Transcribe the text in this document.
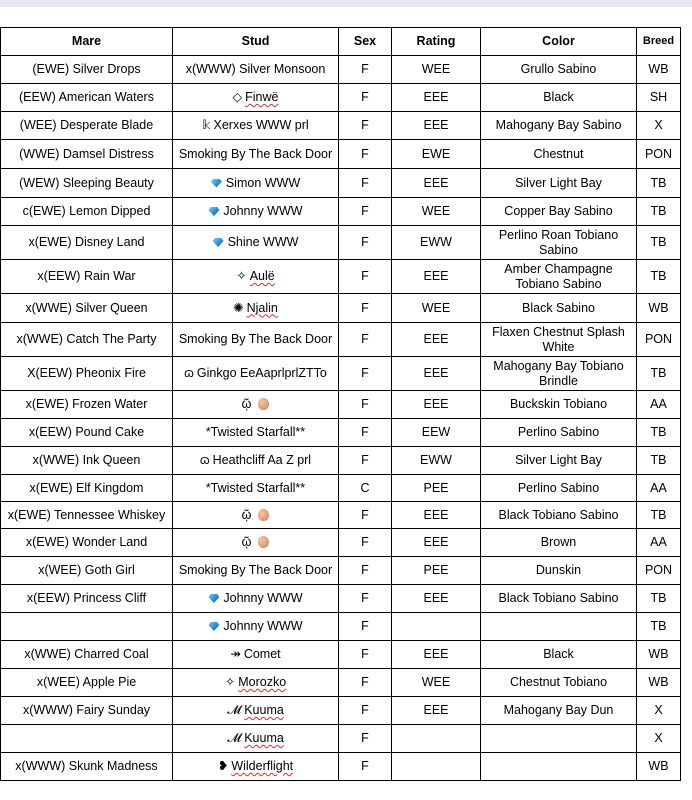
Mare	Stud	Sex	Rating	Color	Breed
(EWE) Silver Drops	x(WWW) Silver Monsoon	F	WEE	Grullo Sabino	WB
(EEW) American Waters	◇ Finwë	F	EEE	Black	SH
(WEE) Desperate Blade	𝕜 Xerxes WWW prl	F	EEE	Mahogany Bay Sabino	X
(WWE) Damsel Distress	Smoking By The Back Door	F	EWE	Chestnut	PON
(WEW) Sleeping Beauty	Simon WWW	F	EEE	Silver Light Bay	TB
c(EWE) Lemon Dipped	Johnny WWW	F	WEE	Copper Bay Sabino	TB
x(EWE) Disney Land	Shine WWW	F	EWW	Perlino Roan Tobiano Sabino	TB
x(EEW) Rain War	✧ Aulë	F	EEE	Amber Champagne Tobiano Sabino	TB
x(WWE) Silver Queen	✺ Njalin	F	WEE	Black Sabino	WB
x(WWE) Catch The Party	Smoking By The Back Door	F	EEE	Flaxen Chestnut Splash White	PON
X(EEW) Pheonix Fire	ɷ Ginkgo EeAaprlprlZTTo	F	EEE	Mahogany Bay Tobiano Brindle	TB
x(EWE) Frozen Water	ῷ	F	EEE	Buckskin Tobiano	AA
x(EEW) Pound Cake	*Twisted Starfall**	F	EEW	Perlino Sabino	TB
x(WWE) Ink Queen	ɷ Heathcliff Aa Z prl	F	EWW	Silver Light Bay	TB
x(EWE) Elf Kingdom	*Twisted Starfall**	C	PEE	Perlino Sabino	AA
x(EWE) Tennessee Whiskey	ῷ	F	EEE	Black Tobiano Sabino	TB
x(EWE) Wonder Land	ῷ	F	EEE	Brown	AA
x(WEE) Goth Girl	Smoking By The Back Door	F	PEE	Dunskin	PON
x(EEW) Princess Cliff	Johnny WWW	F	EEE	Black Tobiano Sabino	TB
	Johnny WWW	F			TB
x(WWE) Charred Coal	↠ Comet	F	EEE	Black	WB
x(WEE) Apple Pie	✧ Morozko	F	WEE	Chestnut Tobiano	WB
x(WWW) Fairy Sunday	𝓜 Kuuma	F	EEE	Mahogany Bay Dun	X
	𝓜 Kuuma	F			X
x(WWW) Skunk Madness	❥ Wilderflight	F			WB
